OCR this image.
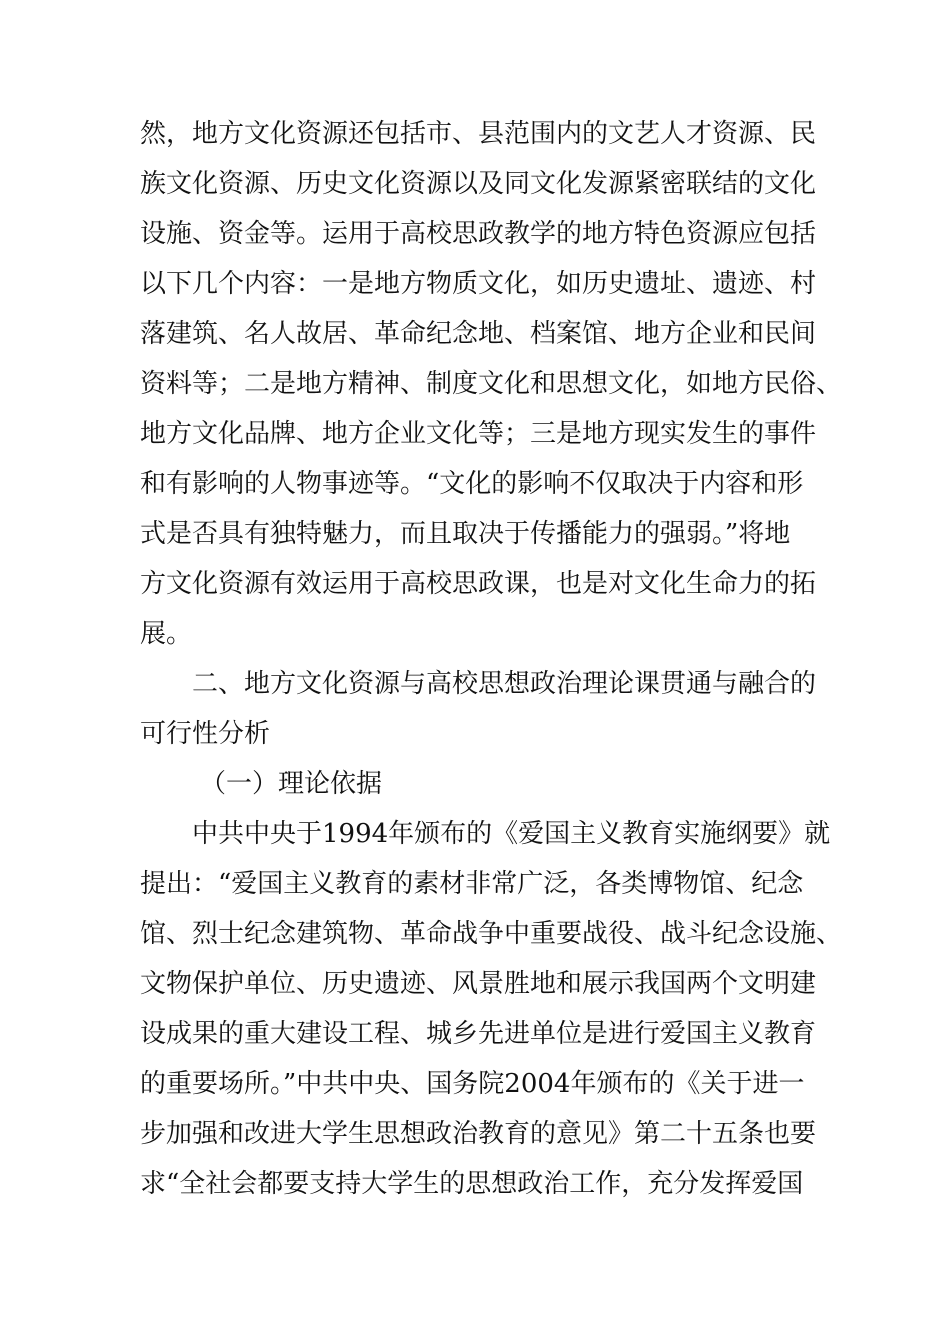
然，地方文化资源还包括市、县范围内的文艺人才资源、民

族文化资源、历史文化资源以及同文化发源紧密联结的文化

设施、资金等。运用于高校思政教学的地方特色资源应包括

以下几个内容：一是地方物质文化，如历史遗址、遗迹、村

落建筑、名人故居、革命纪念地、档案馆、地方企业和民间

资料等；二是地方精神、制度文化和思想文化，如地方民俗、

地方文化品牌、地方企业文化等；三是地方现实发生的事件

和有影响的人物事迹等。“文化的影响不仅取决于内容和形

式是否具有独特魅力，而且取决于传播能力的强弱。”将地

方文化资源有效运用于高校思政课，也是对文化生命力的拓

展。

二、地方文化资源与高校思想政治理论课贯通与融合的

可行性分析

（一）理论依据

中共中央于1994年颁布的《爱国主义教育实施纲要》就

提出：“爱国主义教育的素材非常广泛，各类博物馆、纪念

馆、烈士纪念建筑物、革命战争中重要战役、战斗纪念设施、

文物保护单位、历史遗迹、风景胜地和展示我国两个文明建

设成果的重大建设工程、城乡先进单位是进行爱国主义教育

的重要场所。”中共中央、国务院2004年颁布的《关于进一

步加强和改进大学生思想政治教育的意见》第二十五条也要

求“全社会都要支持大学生的思想政治工作，充分发挥爱国
